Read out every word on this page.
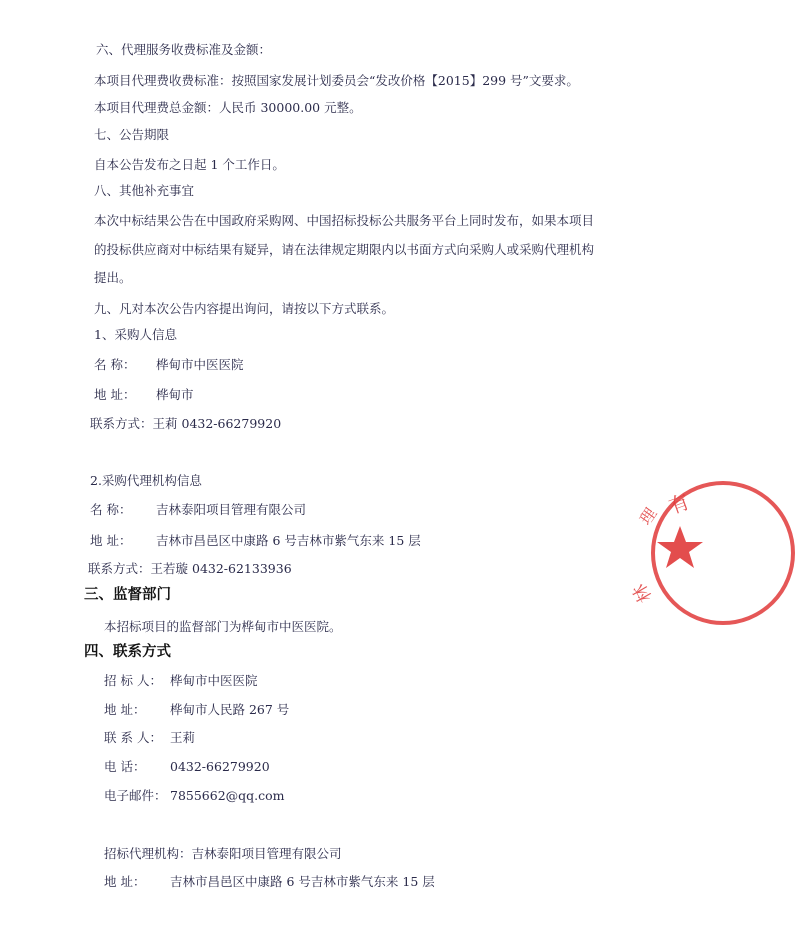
六、代理服务收费标准及金额：
本项目代理费收费标准：按照国家发展计划委员会“发改价格【2015】299 号”文要求。
本项目代理费总金额：人民币 30000.00 元整。
七、公告期限
自本公告发布之日起 1 个工作日。
八、其他补充事宜
本次中标结果公告在中国政府采购网、中国招标投标公共服务平台上同时发布，如果本项目
的投标供应商对中标结果有疑异，请在法律规定期限内以书面方式向采购人或采购代理机构
提出。
九、凡对本次公告内容提出询问，请按以下方式联系。
1、采购人信息
名 称： 桦甸市中医医院
地 址： 桦甸市
联系方式：王莉 0432-66279920
2.采购代理机构信息
名 称： 吉林泰阳项目管理有限公司
地 址： 吉林市昌邑区中康路 6 号吉林市紫气东来 15 层
联系方式：王若璇 0432-62133936
三、监督部门
本招标项目的监督部门为桦甸市中医医院。
四、联系方式
招 标 人： 桦甸市中医医院
地 址： 桦甸市人民路 267 号
联 系 人： 王莉
电 话： 0432-66279920
电子邮件： 7855662@qq.com
招标代理机构：吉林泰阳项目管理有限公司
地 址： 吉林市昌邑区中康路 6 号吉林市紫气东来 15 层
有
理
林
